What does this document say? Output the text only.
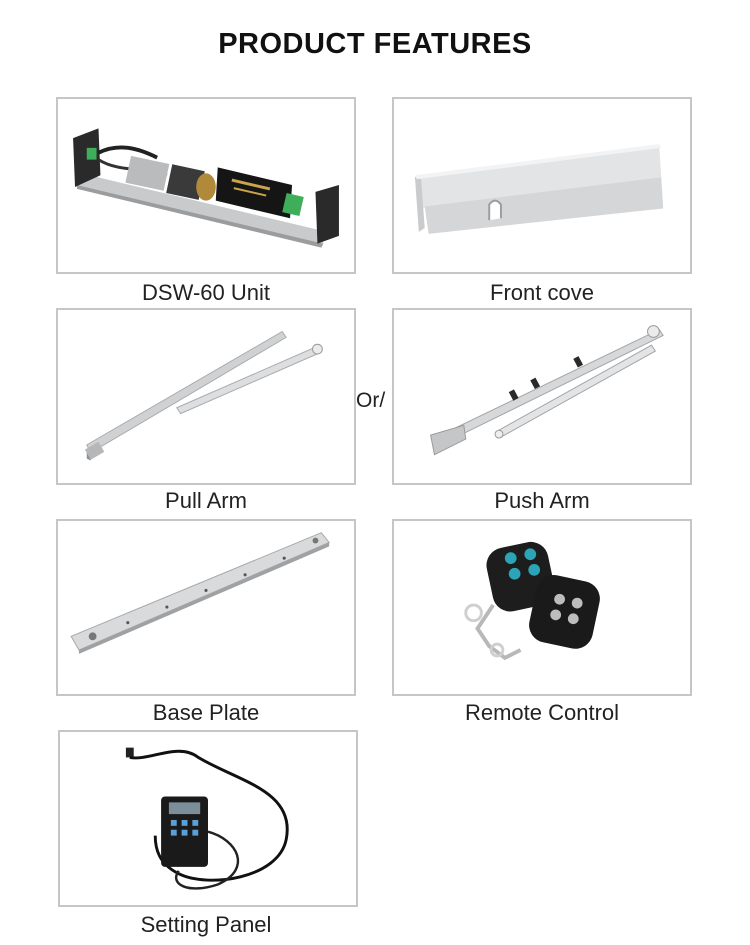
PRODUCT FEATURES
DSW-60 Unit	Front cove
Pull Arm
Or/
Push Arm
Base Plate	Remote Control
Setting Panel
